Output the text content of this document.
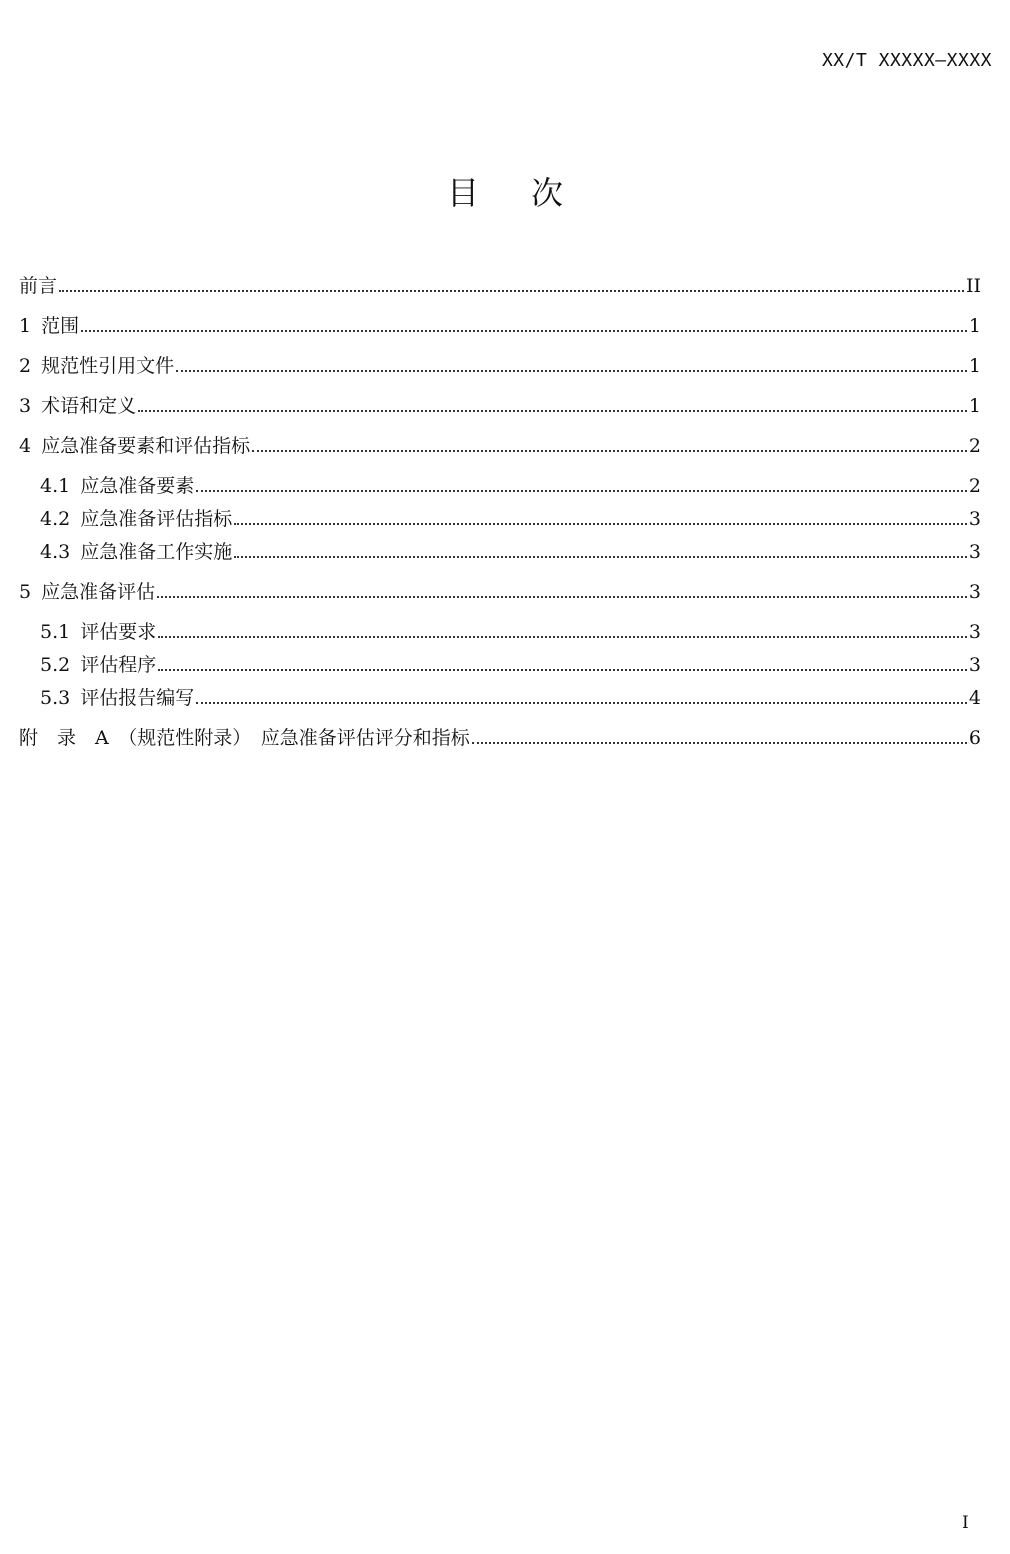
XX/T XXXXX—XXXX
目次
前言	II
1 范围	1
2 规范性引用文件	1
3 术语和定义	1
4 应急准备要素和评估指标	2
4.1 应急准备要素	2
4.2 应急准备评估指标	3
4.3 应急准备工作实施	3
5 应急准备评估	3
5.1 评估要求	3
5.2 评估程序	3
5.3 评估报告编写	4
附　录　A　（规范性附录）　应急准备评估评分和指标	6
I
